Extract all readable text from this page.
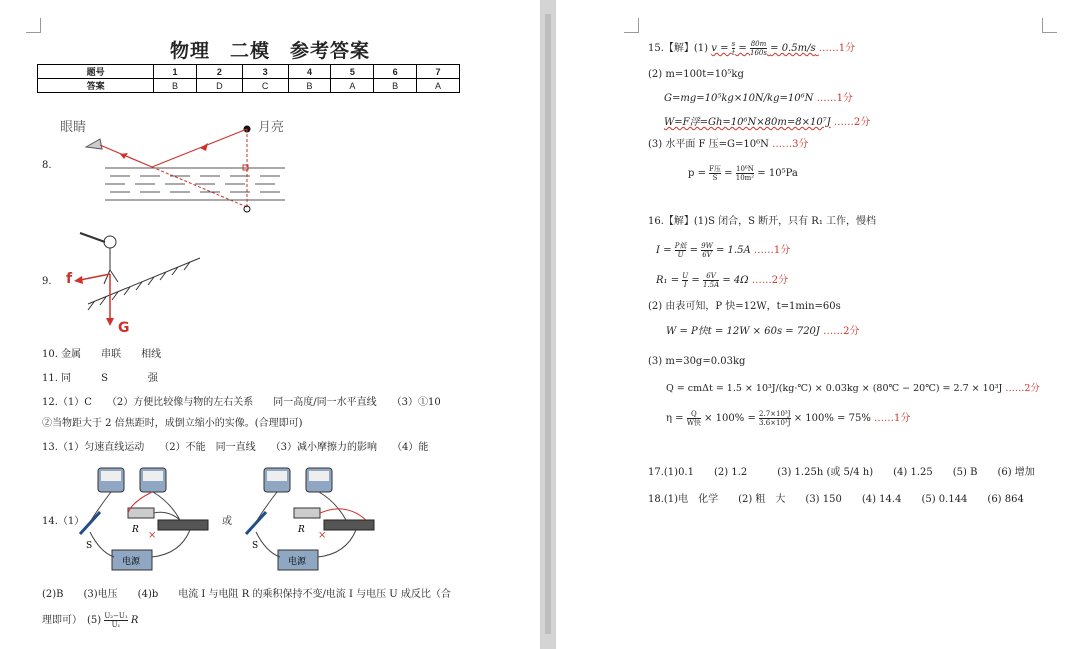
物理　二模　参考答案
题号	1	2	3	4	5	6	7
答案	B	D	C	B	A	B	A
8.
眼睛	月亮
9. f
G
10. 金属　　串联　　相线
11. 同　　　S　　　　强
12.（1）C　　（2）方便比较像与物的左右关系　　同一高度/同一水平直线　　（3）①10
②当物距大于 2 倍焦距时，成倒立缩小的实像。(合理即可)
13.（1）匀速直线运动　　（2）不能　同一直线　　（3）减小摩擦力的影响　　（4）能
14.（1）	或
R
S
电源
×	R
S
电源
×
(2)B　　(3)电压　　(4)b　　电流 I 与电阻 R 的乘积保持不变/电流 I 与电压 U 成反比（合
理即可）　$(5) \frac{\text{U₂−U₁}}{\text{U₁}}$ R
15.【解】(1) $v = \frac{s}{t} = \frac{80m}{160s} = 0.5m/s$ ……1分
(2) m=100t=10⁵kg
G=mg=10⁵kg×10N/kg=10⁶N ……1分
W=F浮=Gh=10⁶N×80m=8×10⁷J ……2分
(3) 水平面 F 压=G=10⁶N ……3分
$p = \frac{\text{F压}}{S} = \frac{\text{10⁶N}}{\text{10m²}} = 10^5Pa$
16.【解】(1)S 闭合，S 断开，只有 R₁ 工作，慢档
$I = \frac{\text{P低}}{U} = \frac{9W}{6V} = 1.5A$ ……1分
$R_1 = \frac{U}{I} = \frac{6V}{1.5A} = 4\Omega$ ……2分
(2) 由表可知，P 快=12W，t=1min=60s
W = P快t = 12W × 60s = 720J ……2分
(3) m=30g=0.03kg
Q = cmΔt = 1.5 × 10³J/(kg·℃) × 0.03kg × (80℃ − 20℃) = 2.7 × 10³J ……2分
$\eta = \frac{Q}{\text{W快}} \times 100\% = \frac{\text{2.7×10³J}}{\text{3.6×10³J}} \times 100\% = 75\%$ ……1分
17.(1)0.1　　(2) 1.2　　　(3) 1.25h (或 5/4 h)　　(4) 1.25　　(5) B　　(6) 增加
18.(1)电　化学　　(2) 粗　大　　(3) 150　　(4) 14.4　　(5) 0.144　　(6) 864
